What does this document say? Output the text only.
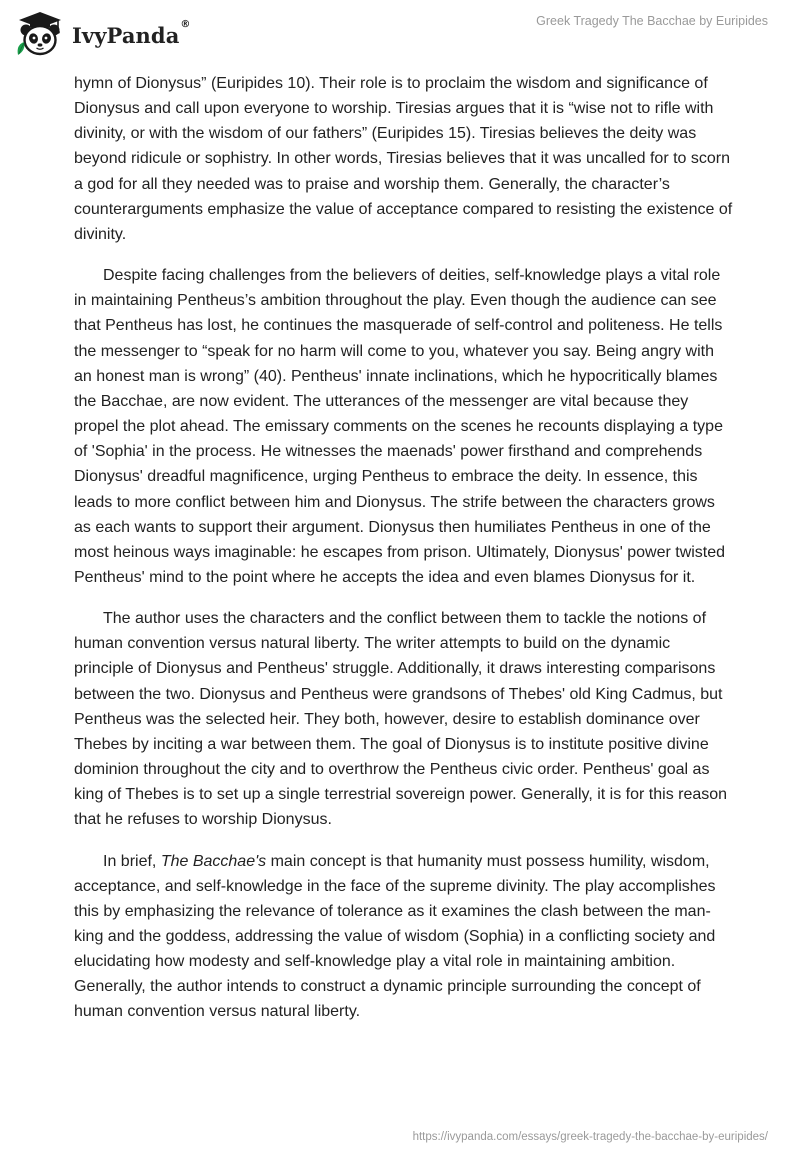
IvyPanda®	Greek Tragedy The Bacchae by Euripides

hymn of Dionysus” (Euripides 10). Their role is to proclaim the wisdom and significance of Dionysus and call upon everyone to worship. Tiresias argues that it is “wise not to rifle with divinity, or with the wisdom of our fathers” (Euripides 15). Tiresias believes the deity was beyond ridicule or sophistry. In other words, Tiresias believes that it was uncalled for to scorn a god for all they needed was to praise and worship them. Generally, the character’s counterarguments emphasize the value of acceptance compared to resisting the existence of divinity.

Despite facing challenges from the believers of deities, self-knowledge plays a vital role in maintaining Pentheus’s ambition throughout the play. Even though the audience can see that Pentheus has lost, he continues the masquerade of self-control and politeness. He tells the messenger to “speak for no harm will come to you, whatever you say. Being angry with an honest man is wrong” (40). Pentheus' innate inclinations, which he hypocritically blames the Bacchae, are now evident. The utterances of the messenger are vital because they propel the plot ahead. The emissary comments on the scenes he recounts displaying a type of 'Sophia' in the process. He witnesses the maenads' power firsthand and comprehends Dionysus' dreadful magnificence, urging Pentheus to embrace the deity. In essence, this leads to more conflict between him and Dionysus. The strife between the characters grows as each wants to support their argument. Dionysus then humiliates Pentheus in one of the most heinous ways imaginable: he escapes from prison. Ultimately, Dionysus' power twisted Pentheus' mind to the point where he accepts the idea and even blames Dionysus for it.

The author uses the characters and the conflict between them to tackle the notions of human convention versus natural liberty. The writer attempts to build on the dynamic principle of Dionysus and Pentheus' struggle. Additionally, it draws interesting comparisons between the two. Dionysus and Pentheus were grandsons of Thebes' old King Cadmus, but Pentheus was the selected heir. They both, however, desire to establish dominance over Thebes by inciting a war between them. The goal of Dionysus is to institute positive divine dominion throughout the city and to overthrow the Pentheus civic order. Pentheus' goal as king of Thebes is to set up a single terrestrial sovereign power. Generally, it is for this reason that he refuses to worship Dionysus.

In brief, The Bacchae's main concept is that humanity must possess humility, wisdom, acceptance, and self-knowledge in the face of the supreme divinity. The play accomplishes this by emphasizing the relevance of tolerance as it examines the clash between the man-king and the goddess, addressing the value of wisdom (Sophia) in a conflicting society and elucidating how modesty and self-knowledge play a vital role in maintaining ambition. Generally, the author intends to construct a dynamic principle surrounding the concept of human convention versus natural liberty.

https://ivypanda.com/essays/greek-tragedy-the-bacchae-by-euripides/
